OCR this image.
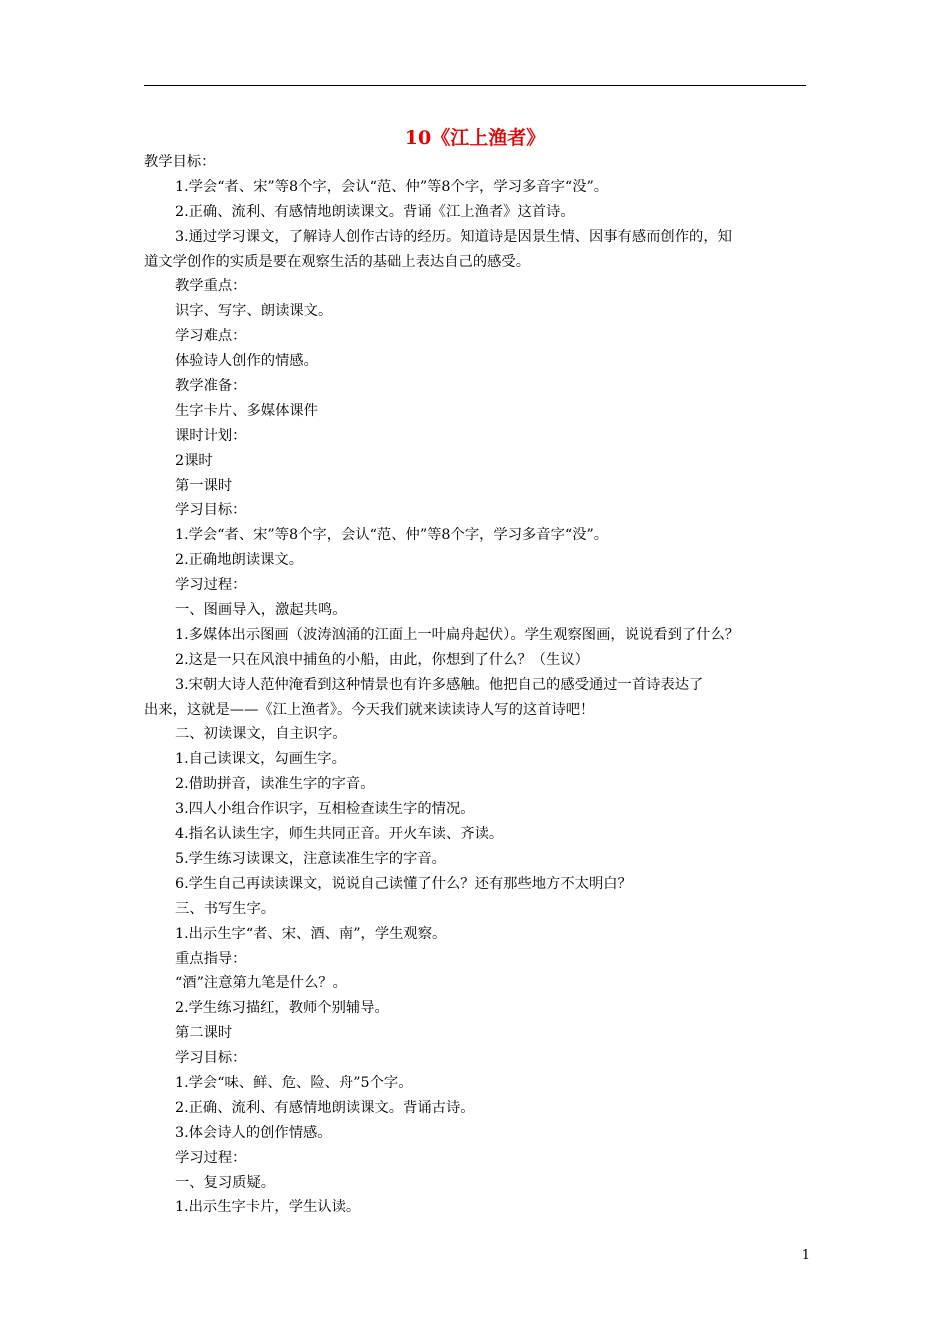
10《江上渔者》
教学目标：
1.学会“者、宋”等8个字，会认“范、仲”等8个字，学习多音字“没”。
2.正确、流利、有感情地朗读课文。背诵《江上渔者》这首诗。
3.通过学习课文，了解诗人创作古诗的经历。知道诗是因景生情、因事有感而创作的，知
道文学创作的实质是要在观察生活的基础上表达自己的感受。
教学重点：
识字、写字、朗读课文。
学习难点：
体验诗人创作的情感。
教学准备：
生字卡片、多媒体课件
课时计划：
2课时
第一课时
学习目标：
1.学会“者、宋”等8个字，会认“范、仲”等8个字，学习多音字“没”。
2.正确地朗读课文。
学习过程：
一、图画导入，激起共鸣。
1.多媒体出示图画（波涛汹涌的江面上一叶扁舟起伏）。学生观察图画，说说看到了什么？
2.这是一只在风浪中捕鱼的小船，由此，你想到了什么？（生议）
3.宋朝大诗人范仲淹看到这种情景也有许多感触。他把自己的感受通过一首诗表达了
出来，这就是——《江上渔者》。今天我们就来读读诗人写的这首诗吧！
二、初读课文，自主识字。
1.自己读课文，勾画生字。
2.借助拼音，读准生字的字音。
3.四人小组合作识字，互相检查读生字的情况。
4.指名认读生字，师生共同正音。开火车读、齐读。
5.学生练习读课文，注意读准生字的字音。
6.学生自己再读读课文，说说自己读懂了什么？还有那些地方不太明白？
三、书写生字。
1.出示生字“者、宋、酒、南”，学生观察。
重点指导：
“酒”注意第九笔是什么？。
2.学生练习描红，教师个别辅导。
第二课时
学习目标：
1.学会“味、鲜、危、险、舟”5个字。
2.正确、流利、有感情地朗读课文。背诵古诗。
3.体会诗人的创作情感。
学习过程：
一、复习质疑。
1.出示生字卡片，学生认读。
1
